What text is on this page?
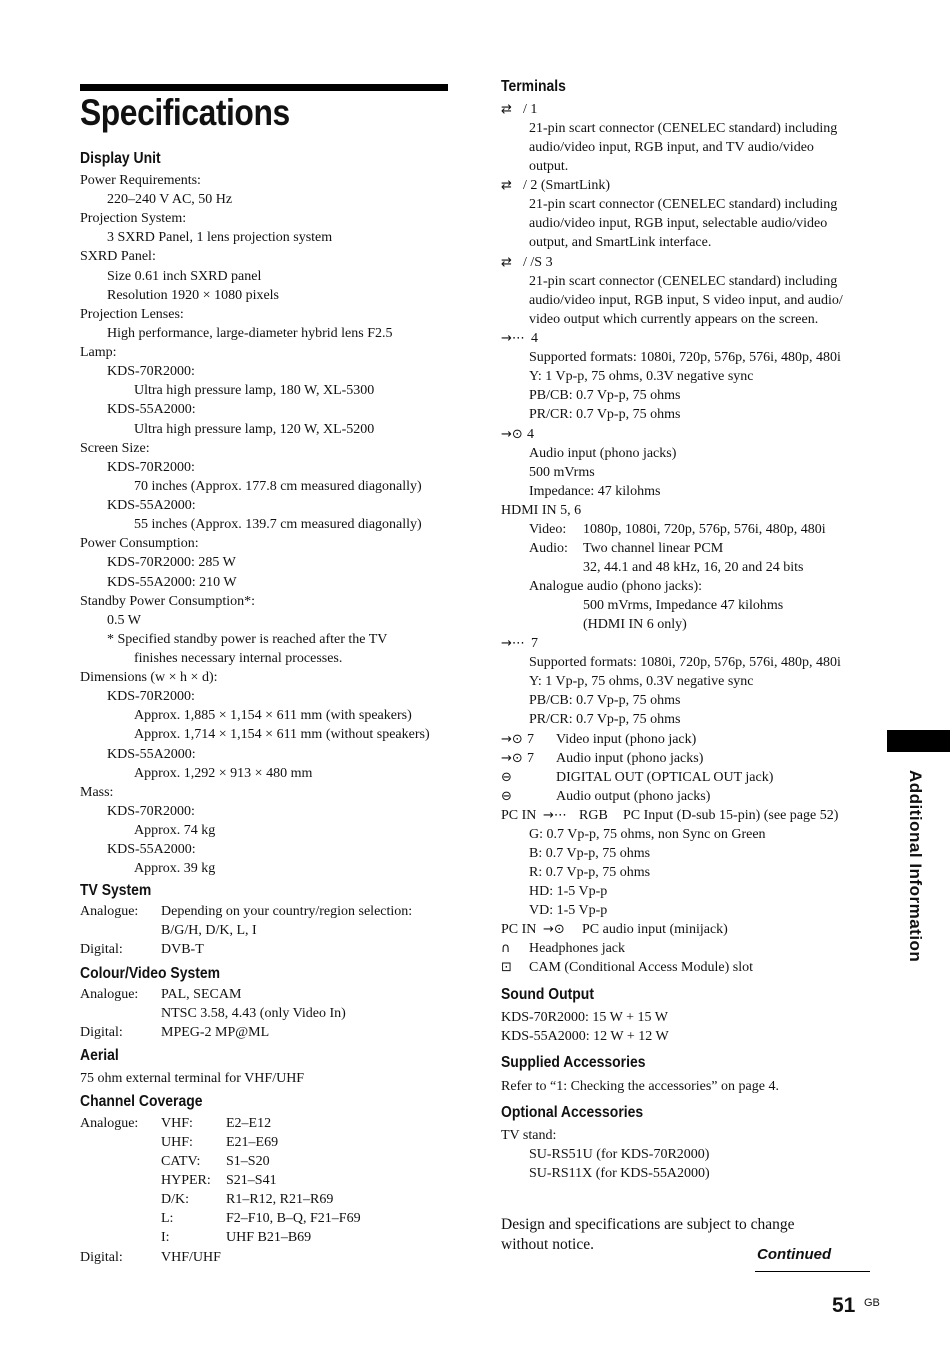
Specifications
Display Unit
Power Requirements:
220–240 V AC, 50 Hz
Projection System:
3 SXRD Panel, 1 lens projection system
SXRD Panel:
Size 0.61 inch SXRD panel
Resolution 1920 × 1080 pixels
Projection Lenses:
High performance, large-diameter hybrid lens F2.5
Lamp:
KDS-70R2000:
Ultra high pressure lamp, 180 W, XL-5300
KDS-55A2000:
Ultra high pressure lamp, 120 W, XL-5200
Screen Size:
KDS-70R2000:
70 inches (Approx. 177.8 cm measured diagonally)
KDS-55A2000:
55 inches (Approx. 139.7 cm measured diagonally)
Power Consumption:
KDS-70R2000: 285 W
KDS-55A2000: 210 W
Standby Power Consumption*:
0.5 W
* Specified standby power is reached after the TV
finishes necessary internal processes.
Dimensions (w × h × d):
KDS-70R2000:
Approx. 1,885 × 1,154 × 611 mm (with speakers)
Approx. 1,714 × 1,154 × 611 mm (without speakers)
KDS-55A2000:
Approx. 1,292 × 913 × 480 mm
Mass:
KDS-70R2000:
Approx. 74 kg
KDS-55A2000:
Approx. 39 kg
TV System
Analogue: Depending on your country/region selection:
B/G/H, D/K, L, I
Digital:	DVB-T
Colour/Video System
Analogue: PAL, SECAM
NTSC 3.58, 4.43 (only Video In)
Digital:	MPEG-2 MP@ML
Aerial
75 ohm external terminal for VHF/UHF
Channel Coverage
Analogue: VHF: E2–E12
UHF: E21–E69
CATV: S1–S20
HYPER: S21–S41
D/K:	R1–R12, R21–R69
L:	F2–F10, B–Q, F21–F69
I:	UHF B21–B69
Digital:	VHF/UHF
Terminals
⇄ / 1
21-pin scart connector (CENELEC standard) including
audio/video input, RGB input, and TV audio/video
output.
⇄ / 2 (SmartLink)
21-pin scart connector (CENELEC standard) including
audio/video input, RGB input, selectable audio/video
output, and SmartLink interface.
⇄ / /S 3
21-pin scart connector (CENELEC standard) including
audio/video input, RGB input, S video input, and audio/
video output which currently appears on the screen.
→⋯ 4
Supported formats: 1080i, 720p, 576p, 576i, 480p, 480i
Y: 1 Vp-p, 75 ohms, 0.3V negative sync
PB/CB: 0.7 Vp-p, 75 ohms
PR/CR: 0.7 Vp-p, 75 ohms
→⊙ 4
Audio input (phono jacks)
500 mVrms
Impedance: 47 kilohms
HDMI IN 5, 6
Video: 1080p, 1080i, 720p, 576p, 576i, 480p, 480i
Audio: Two channel linear PCM
32, 44.1 and 48 kHz, 16, 20 and 24 bits
Analogue audio (phono jacks):
500 mVrms, Impedance 47 kilohms
(HDMI IN 6 only)
→⋯ 7
Supported formats: 1080i, 720p, 576p, 576i, 480p, 480i
Y: 1 Vp-p, 75 ohms, 0.3V negative sync
PB/CB: 0.7 Vp-p, 75 ohms
PR/CR: 0.7 Vp-p, 75 ohms
→⊙ 7 Video input (phono jack)
→⊙ 7 Audio input (phono jacks)
⊖	DIGITAL OUT (OPTICAL OUT jack)
⊖	Audio output (phono jacks)
PC IN →⋯ RGB PC Input (D-sub 15-pin) (see page 52)
G: 0.7 Vp-p, 75 ohms, non Sync on Green
B: 0.7 Vp-p, 75 ohms
R: 0.7 Vp-p, 75 ohms
HD: 1-5 Vp-p
VD: 1-5 Vp-p
PC IN →⊙ PC audio input (minijack)
∩ Headphones jack
⊡ CAM (Conditional Access Module) slot
Sound Output
KDS-70R2000: 15 W + 15 W
KDS-55A2000: 12 W + 12 W
Supplied Accessories
Refer to “1: Checking the accessories” on page 4.
Optional Accessories
TV stand:
SU-RS51U (for KDS-70R2000)
SU-RS11X (for KDS-55A2000)
Design and specifications are subject to change
without notice.
Additional Information
Continued
51 GB
